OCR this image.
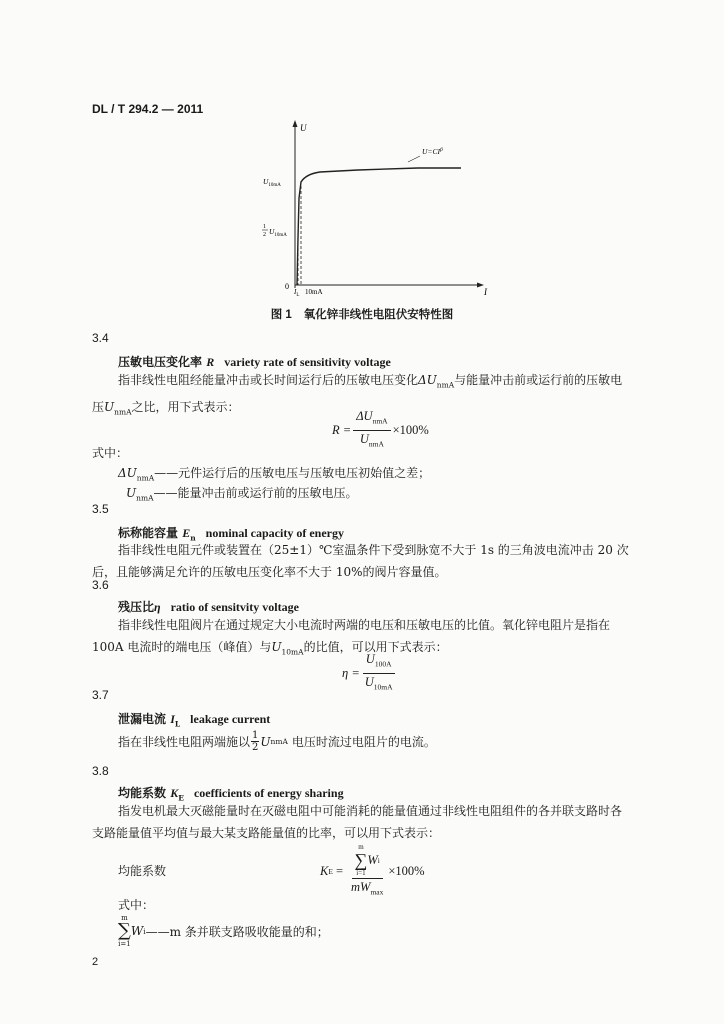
DL / T 294.2 — 2011
U
I
0
$U=CI^\beta$
$U_{10mA}$
1
2 $U_{10mA}$
$I_L$ 10mA
图 1 氧化锌非线性电阻伏安特性图
3.4
压敏电压变化率 R variety rate of sensitivity voltage
指非线性电阻经能量冲击或长时间运行后的压敏电压变化$\Delta U_{nmA}$与能量冲击前或运行前的压敏电
压$U_{nmA}$之比，用下式表示：
$R = \frac{\Delta U_{nmA}}{U_{nmA}} \times 100\%$
式中：
$\Delta U_{nmA}——$元件运行后的压敏电压与压敏电压初始值之差；
$U_{nmA}——$能量冲击前或运行前的压敏电压。
3.5
标称能容量 $E_n$ nominal capacity of energy
指非线性电阻元件或装置在（25±1）℃室温条件下受到脉宽不大于 1s 的三角波电流冲击 20 次
后，且能够满足允许的压敏电压变化率不大于 10%的阀片容量值。
3.6
残压比η ratio of sensitvity voltage
指非线性电阻阀片在通过规定大小电流时两端的电压和压敏电压的比值。氧化锌电阻片是指在
100A 电流时的端电压（峰值）与$U_{10mA}$的比值，可以用下式表示：
$\eta = \frac{U_{100A}}{U_{10mA}}$
3.7
泄漏电流 $I_L$ leakage current
指在非线性电阻两端施以 $\frac{1}{2}$ U nmA 电压时流过电阻片的电流。
3.8
均能系数 $K_E$ coefficients of energy sharing
指发电机最大灭磁能量时在灭磁电阻中可能消耗的能量值通过非线性电阻组件的各并联支路时各
支路能量值平均值与最大某支路能量值的比率，可以用下式表示：
均能系数	K E = m
∑
i=1
W i
$mW_{max} \times 100\%$
式中：
m
∑
i=1
W i ——m 条并联支路吸收能量的和；
2
